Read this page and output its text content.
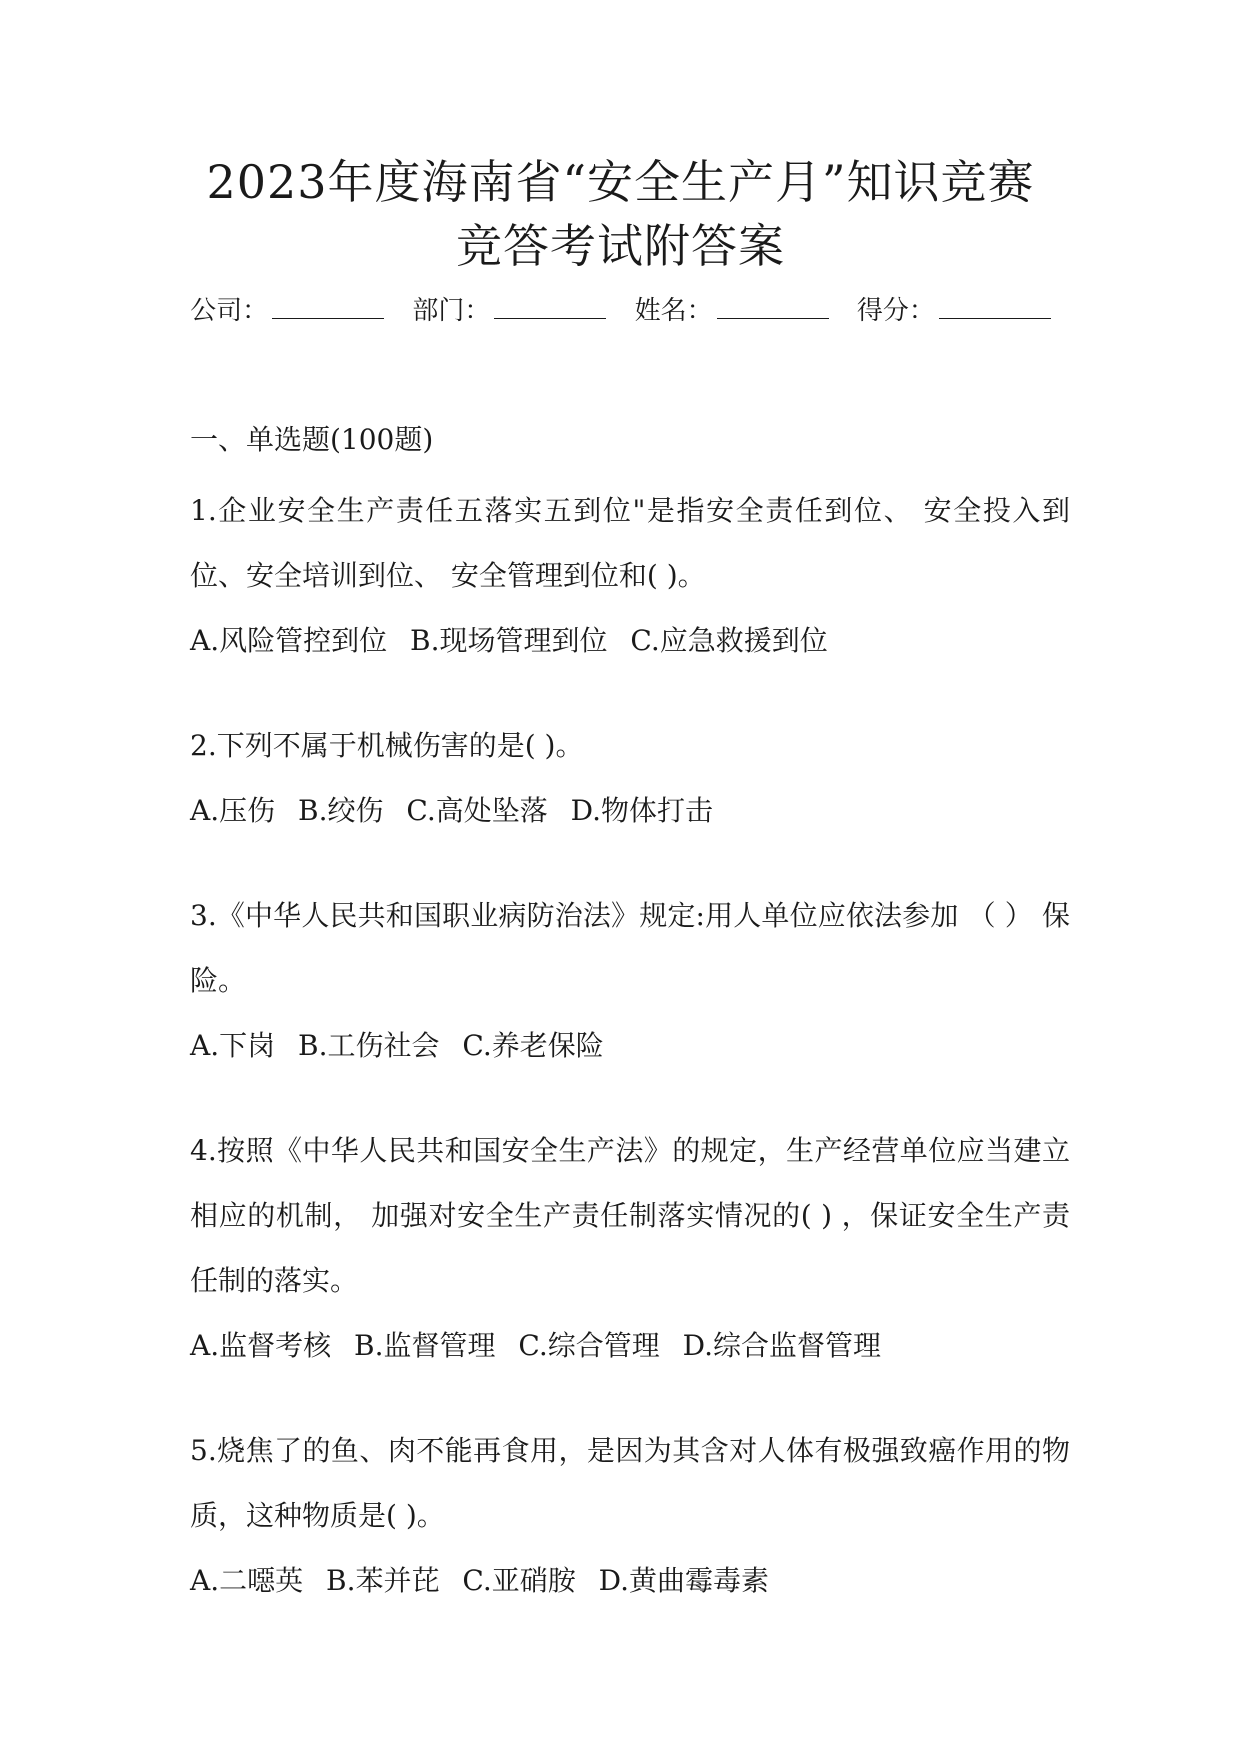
2023年度海南省“安全生产月”知识竞赛
竞答考试附答案
公司：	部门：	姓名：	得分：
一、单选题(100题)

1.企业安全生产责任五落实五到位"是指安全责任到位、 安全投入到位、安全培训到位、 安全管理到位和( )。

A.风险管控到位 B.现场管理到位 C.应急救援到位

2.下列不属于机械伤害的是( )。

A.压伤 B.绞伤 C.高处坠落 D.物体打击

3.《中华人民共和国职业病防治法》规定:用人单位应依法参加 （ ） 保险。

A.下岗 B.工伤社会 C.养老保险

4.按照《中华人民共和国安全生产法》的规定，生产经营单位应当建立相应的机制， 加强对安全生产责任制落实情况的( ) ，保证安全生产责任制的落实。

A.监督考核 B.监督管理 C.综合管理 D.综合监督管理

5.烧焦了的鱼、肉不能再食用，是因为其含对人体有极强致癌作用的物质，这种物质是( )。

A.二噁英 B.苯并芘 C.亚硝胺 D.黄曲霉毒素
